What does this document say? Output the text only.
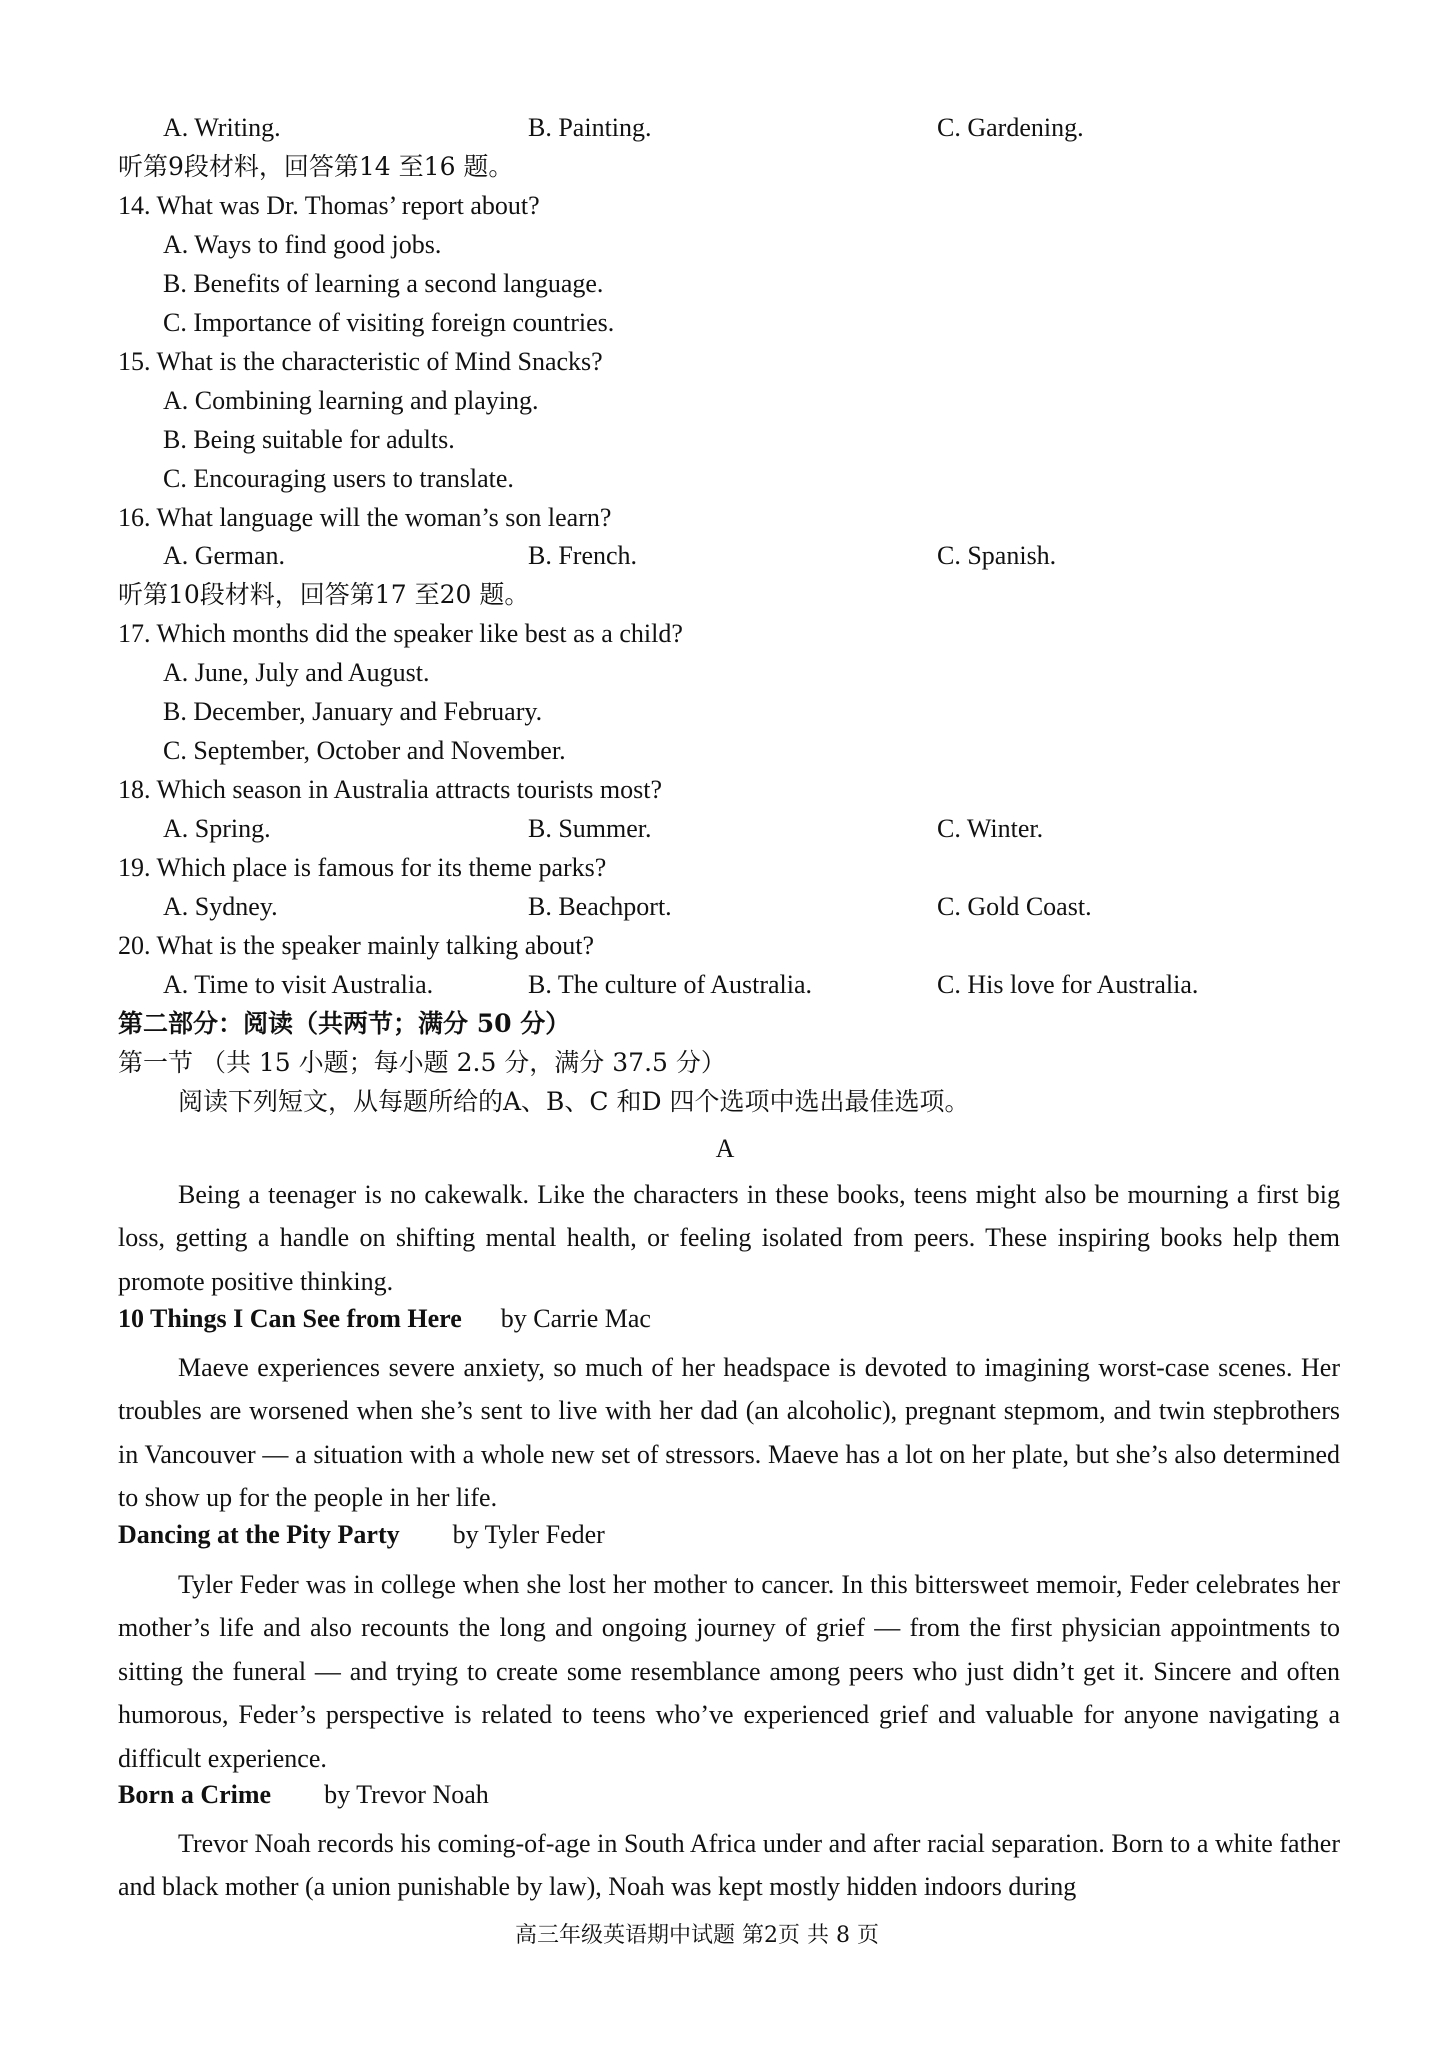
A. Writing.	B. Painting.	C. Gardening.
听第9段材料，回答第14 至16 题。
14. What was Dr. Thomas’ report about?
A. Ways to find good jobs.
B. Benefits of learning a second language.
C. Importance of visiting foreign countries.
15. What is the characteristic of Mind Snacks?
A. Combining learning and playing.
B. Being suitable for adults.
C. Encouraging users to translate.
16. What language will the woman’s son learn?
A. German.	B. French.	C. Spanish.
听第10段材料，回答第17 至20 题。
17. Which months did the speaker like best as a child?
A. June, July and August.
B. December, January and February.
C. September, October and November.
18. Which season in Australia attracts tourists most?
A. Spring.	B. Summer.	C. Winter.
19. Which place is famous for its theme parks?
A. Sydney.	B. Beachport.	C. Gold Coast.
20. What is the speaker mainly talking about?
A. Time to visit Australia.	B. The culture of Australia.	C. His love for Australia.
第二部分：阅读（共两节；满分 50 分）
第一节 （共 15 小题；每小题 2.5 分，满分 37.5 分）
阅读下列短文，从每题所给的A、B、C 和D 四个选项中选出最佳选项。
A
Being a teenager is no cakewalk. Like the characters in these books, teens might also be mourning a first big loss, getting a handle on shifting mental health, or feeling isolated from peers. These inspiring books help them promote positive thinking.
10 Things I Can See from Here by Carrie Mac
Maeve experiences severe anxiety, so much of her headspace is devoted to imagining worst-case scenes. Her troubles are worsened when she’s sent to live with her dad (an alcoholic), pregnant stepmom, and twin stepbrothers in Vancouver — a situation with a whole new set of stressors. Maeve has a lot on her plate, but she’s also determined to show up for the people in her life.
Dancing at the Pity Party by Tyler Feder
Tyler Feder was in college when she lost her mother to cancer. In this bittersweet memoir, Feder celebrates her mother’s life and also recounts the long and ongoing journey of grief — from the first physician appointments to sitting the funeral — and trying to create some resemblance among peers who just didn’t get it. Sincere and often humorous, Feder’s perspective is related to teens who’ve experienced grief and valuable for anyone navigating a difficult experience.
Born a Crime by Trevor Noah
Trevor Noah records his coming-of-age in South Africa under and after racial separation. Born to a white father and black mother (a union punishable by law), Noah was kept mostly hidden indoors during
高三年级英语期中试题 第2页 共 8 页
